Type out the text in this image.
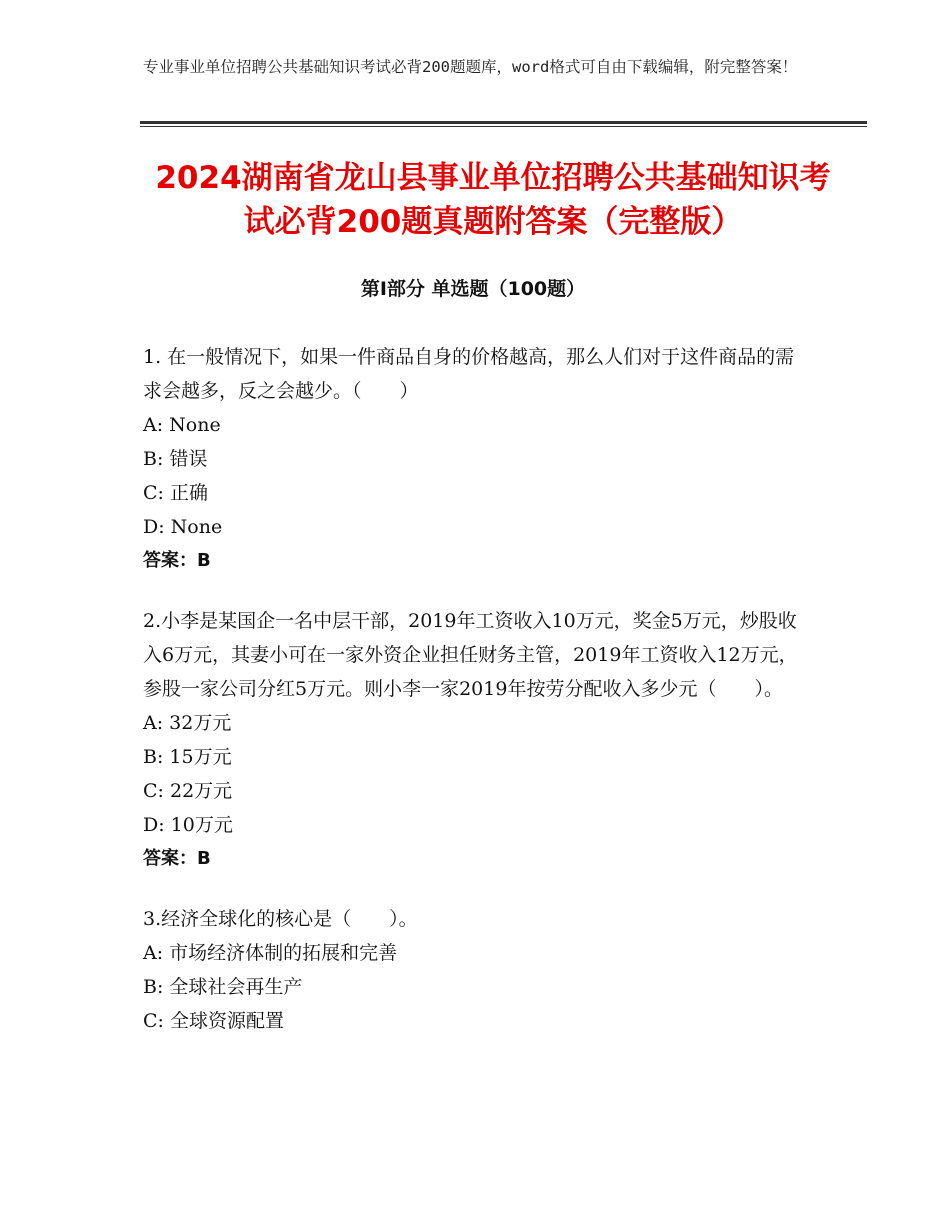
专业事业单位招聘公共基础知识考试必背200题题库，word格式可自由下载编辑，附完整答案！
2024湖南省龙山县事业单位招聘公共基础知识考试必背200题真题附答案（完整版）
第Ⅰ部分 单选题（100题）

1. 在一般情况下，如果一件商品自身的价格越高，那么人们对于这件商品的需求会越多，反之会越少。（　　）

A: None

B: 错误

C: 正确

D: None

答案：B

2.小李是某国企一名中层干部，2019年工资收入10万元，奖金5万元，炒股收入6万元，其妻小可在一家外资企业担任财务主管，2019年工资收入12万元，参股一家公司分红5万元。则小李一家2019年按劳分配收入多少元（　　）。

A: 32万元

B: 15万元

C: 22万元

D: 10万元

答案：B

3.经济全球化的核心是（　　）。

A: 市场经济体制的拓展和完善

B: 全球社会再生产

C: 全球资源配置
